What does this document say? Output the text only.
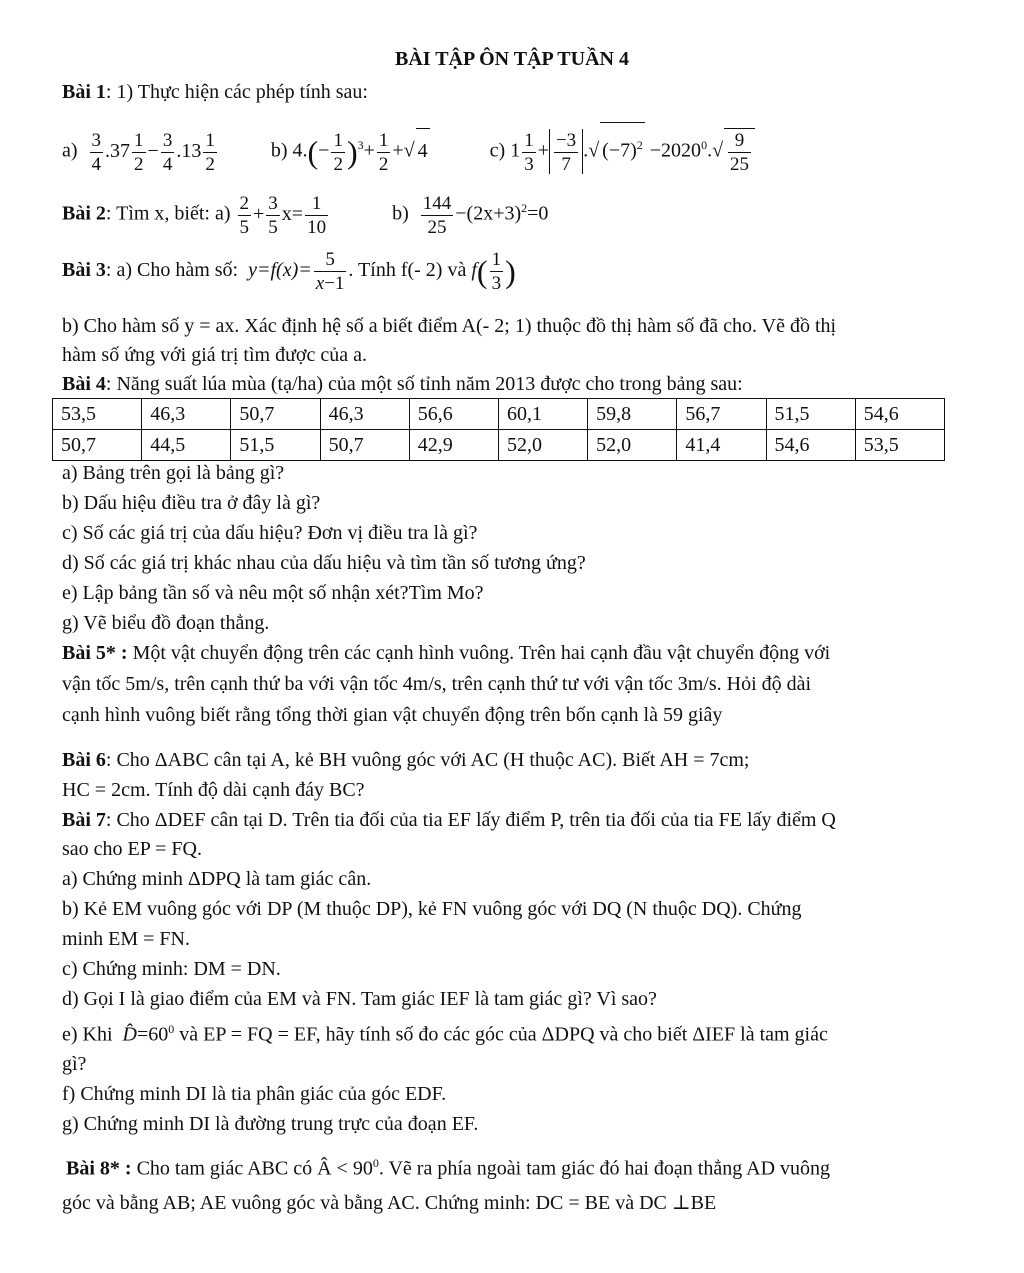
BÀI TẬP ÔN TẬP TUẦN 4
Bài 1: 1) Thực hiện các phép tính sau:
$a) \frac{3}{4} .37 \frac{1}{2} - \frac{3}{4} .13 \frac{1}{2}$	b) $4.(- \frac{1}{2} )^3+ \frac{1}{2}$ +√ 4	c) $1 \frac{1}{3} + \frac{-3}{7}$ .√ $(-7)^2 -2020^0.√ \frac{9}{25}$
Bài 2: Tìm x, biết: $a) \frac{2}{5} + \frac{3}{5} x= \frac{1}{10}$	$b) \frac{144}{25} -(2x+3)^2=0$
Bài 3: a) Cho hàm số:  $y=f(x)= \frac{5}{x-1}$ . Tính f(- 2) và $f( \frac{1}{3}$ )
b) Cho hàm số y = ax. Xác định hệ số a biết điểm A(- 2; 1) thuộc đồ thị hàm số đã cho. Vẽ đồ thị
hàm số ứng với giá trị tìm được của a.
Bài 4: Năng suất lúa mùa (tạ/ha) của một số tỉnh năm 2013 được cho trong bảng sau:
53,5	46,3	50,7	46,3	56,6	60,1	59,8	56,7	51,5	54,6
50,7	44,5	51,5	50,7	42,9	52,0	52,0	41,4	54,6	53,5
a) Bảng trên gọi là bảng gì?
b) Dấu hiệu điều tra ở đây là gì?
c) Số các giá trị của dấu hiệu? Đơn vị điều tra là gì?
d) Số các giá trị khác nhau của dấu hiệu và tìm tần số tương ứng?
e) Lập bảng tần số và nêu một số nhận xét?Tìm Mo?
g) Vẽ biểu đồ đoạn thẳng.
Bài 5* : Một vật chuyển động trên các cạnh hình vuông. Trên hai cạnh đầu vật chuyển động với
vận tốc 5m/s, trên cạnh thứ ba với vận tốc 4m/s, trên cạnh thứ tư với vận tốc 3m/s. Hỏi độ dài
cạnh hình vuông biết rằng tổng thời gian vật chuyển động trên bốn cạnh là 59 giây
Bài 6: Cho ΔABC cân tại A, kẻ BH vuông góc với AC (H thuộc AC). Biết AH = 7cm;
HC = 2cm. Tính độ dài cạnh đáy BC?
Bài 7: Cho ΔDEF cân tại D. Trên tia đối của tia EF lấy điểm P, trên tia đối của tia FE lấy điểm Q
sao cho EP = FQ.
a) Chứng minh ΔDPQ là tam giác cân.
b) Kẻ EM vuông góc với DP (M thuộc DP), kẻ FN vuông góc với DQ (N thuộc DQ). Chứng
minh EM = FN.
c) Chứng minh: DM = DN.
d) Gọi I là giao điểm của EM và FN. Tam giác IEF là tam giác gì? Vì sao?
e) Khi $D̂=60^0$ và EP = FQ = EF, hãy tính số đo các góc của ΔDPQ và cho biết ΔIEF là tam giác
gì?
f) Chứng minh DI là tia phân giác của góc EDF.
g) Chứng minh DI là đường trung trực của đoạn EF.
Bài 8* : Cho tam giác ABC có Â < $90^0$. Vẽ ra phía ngoài tam giác đó hai đoạn thẳng AD vuông
góc và bằng AB; AE vuông góc và bằng AC. Chứng minh: DC = BE và DC ⊥BE
